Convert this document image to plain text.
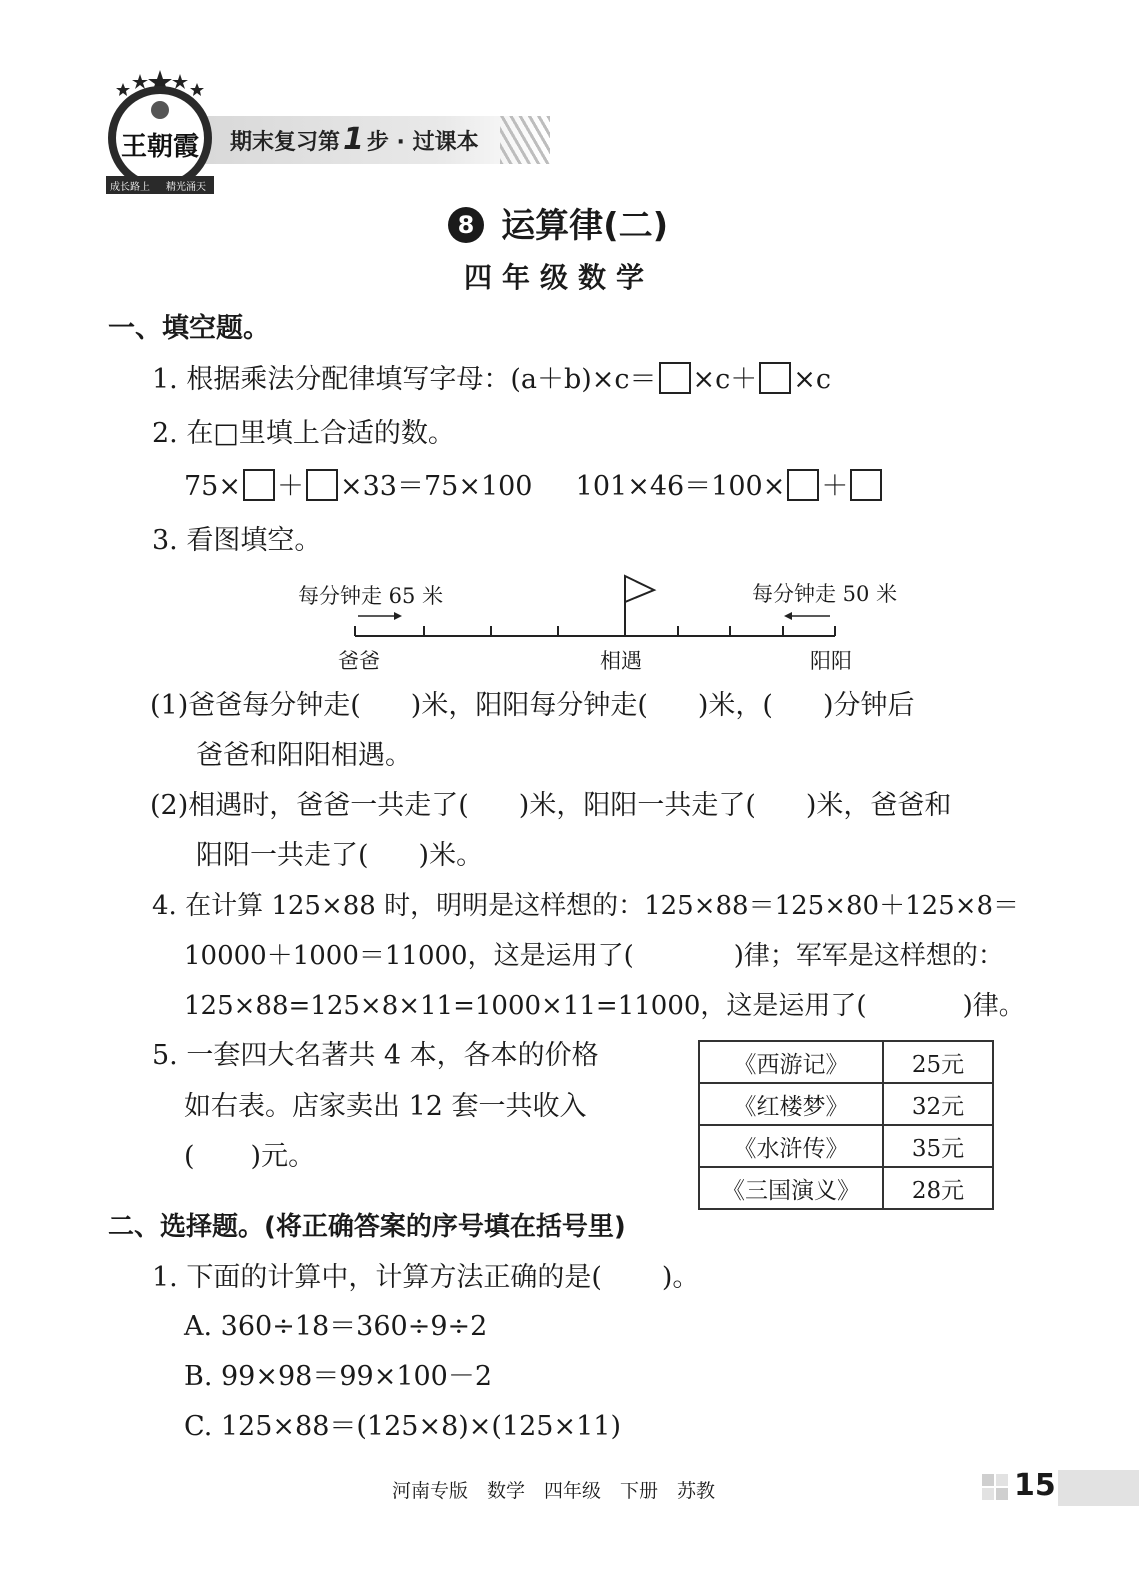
期末复习第 1 步 · 过课本
王朝霞
成长路上 精光涌天
8 运算律(二)
四年级数学
一、填空题。
1. 根据乘法分配律填写字母：(a＋b)×c＝ ×c＋ ×c
2. 在□里填上合适的数。
75× ＋ ×33＝75×100 101×46＝100× ＋
3. 看图填空。
每分钟走 65 米	每分钟走 50 米
爸爸	相遇	阳阳
(1)爸爸每分钟走( )米，阳阳每分钟走( )米，( )分钟后
爸爸和阳阳相遇。
(2)相遇时，爸爸一共走了( )米，阳阳一共走了( )米，爸爸和
阳阳一共走了( )米。
4. 在计算 125×88 时，明明是这样想的：125×88＝125×80＋125×8＝
10000＋1000＝11000，这是运用了(	)律；军军是这样想的：
125×88=125×8×11=1000×11=11000，这是运用了(	)律。
5. 一套四大名著共 4 本，各本的价格
如右表。店家卖出 12 套一共收入
( )元。
《西游记》	25元
《红楼梦》	32元
《水浒传》	35元
《三国演义》	28元
二、选择题。(将正确答案的序号填在括号里)
1. 下面的计算中，计算方法正确的是( )。
A. 360÷18＝360÷9÷2
B. 99×98＝99×100－2
C. 125×88＝(125×8)×(125×11)
河南专版　数学　四年级　下册　苏教	15
